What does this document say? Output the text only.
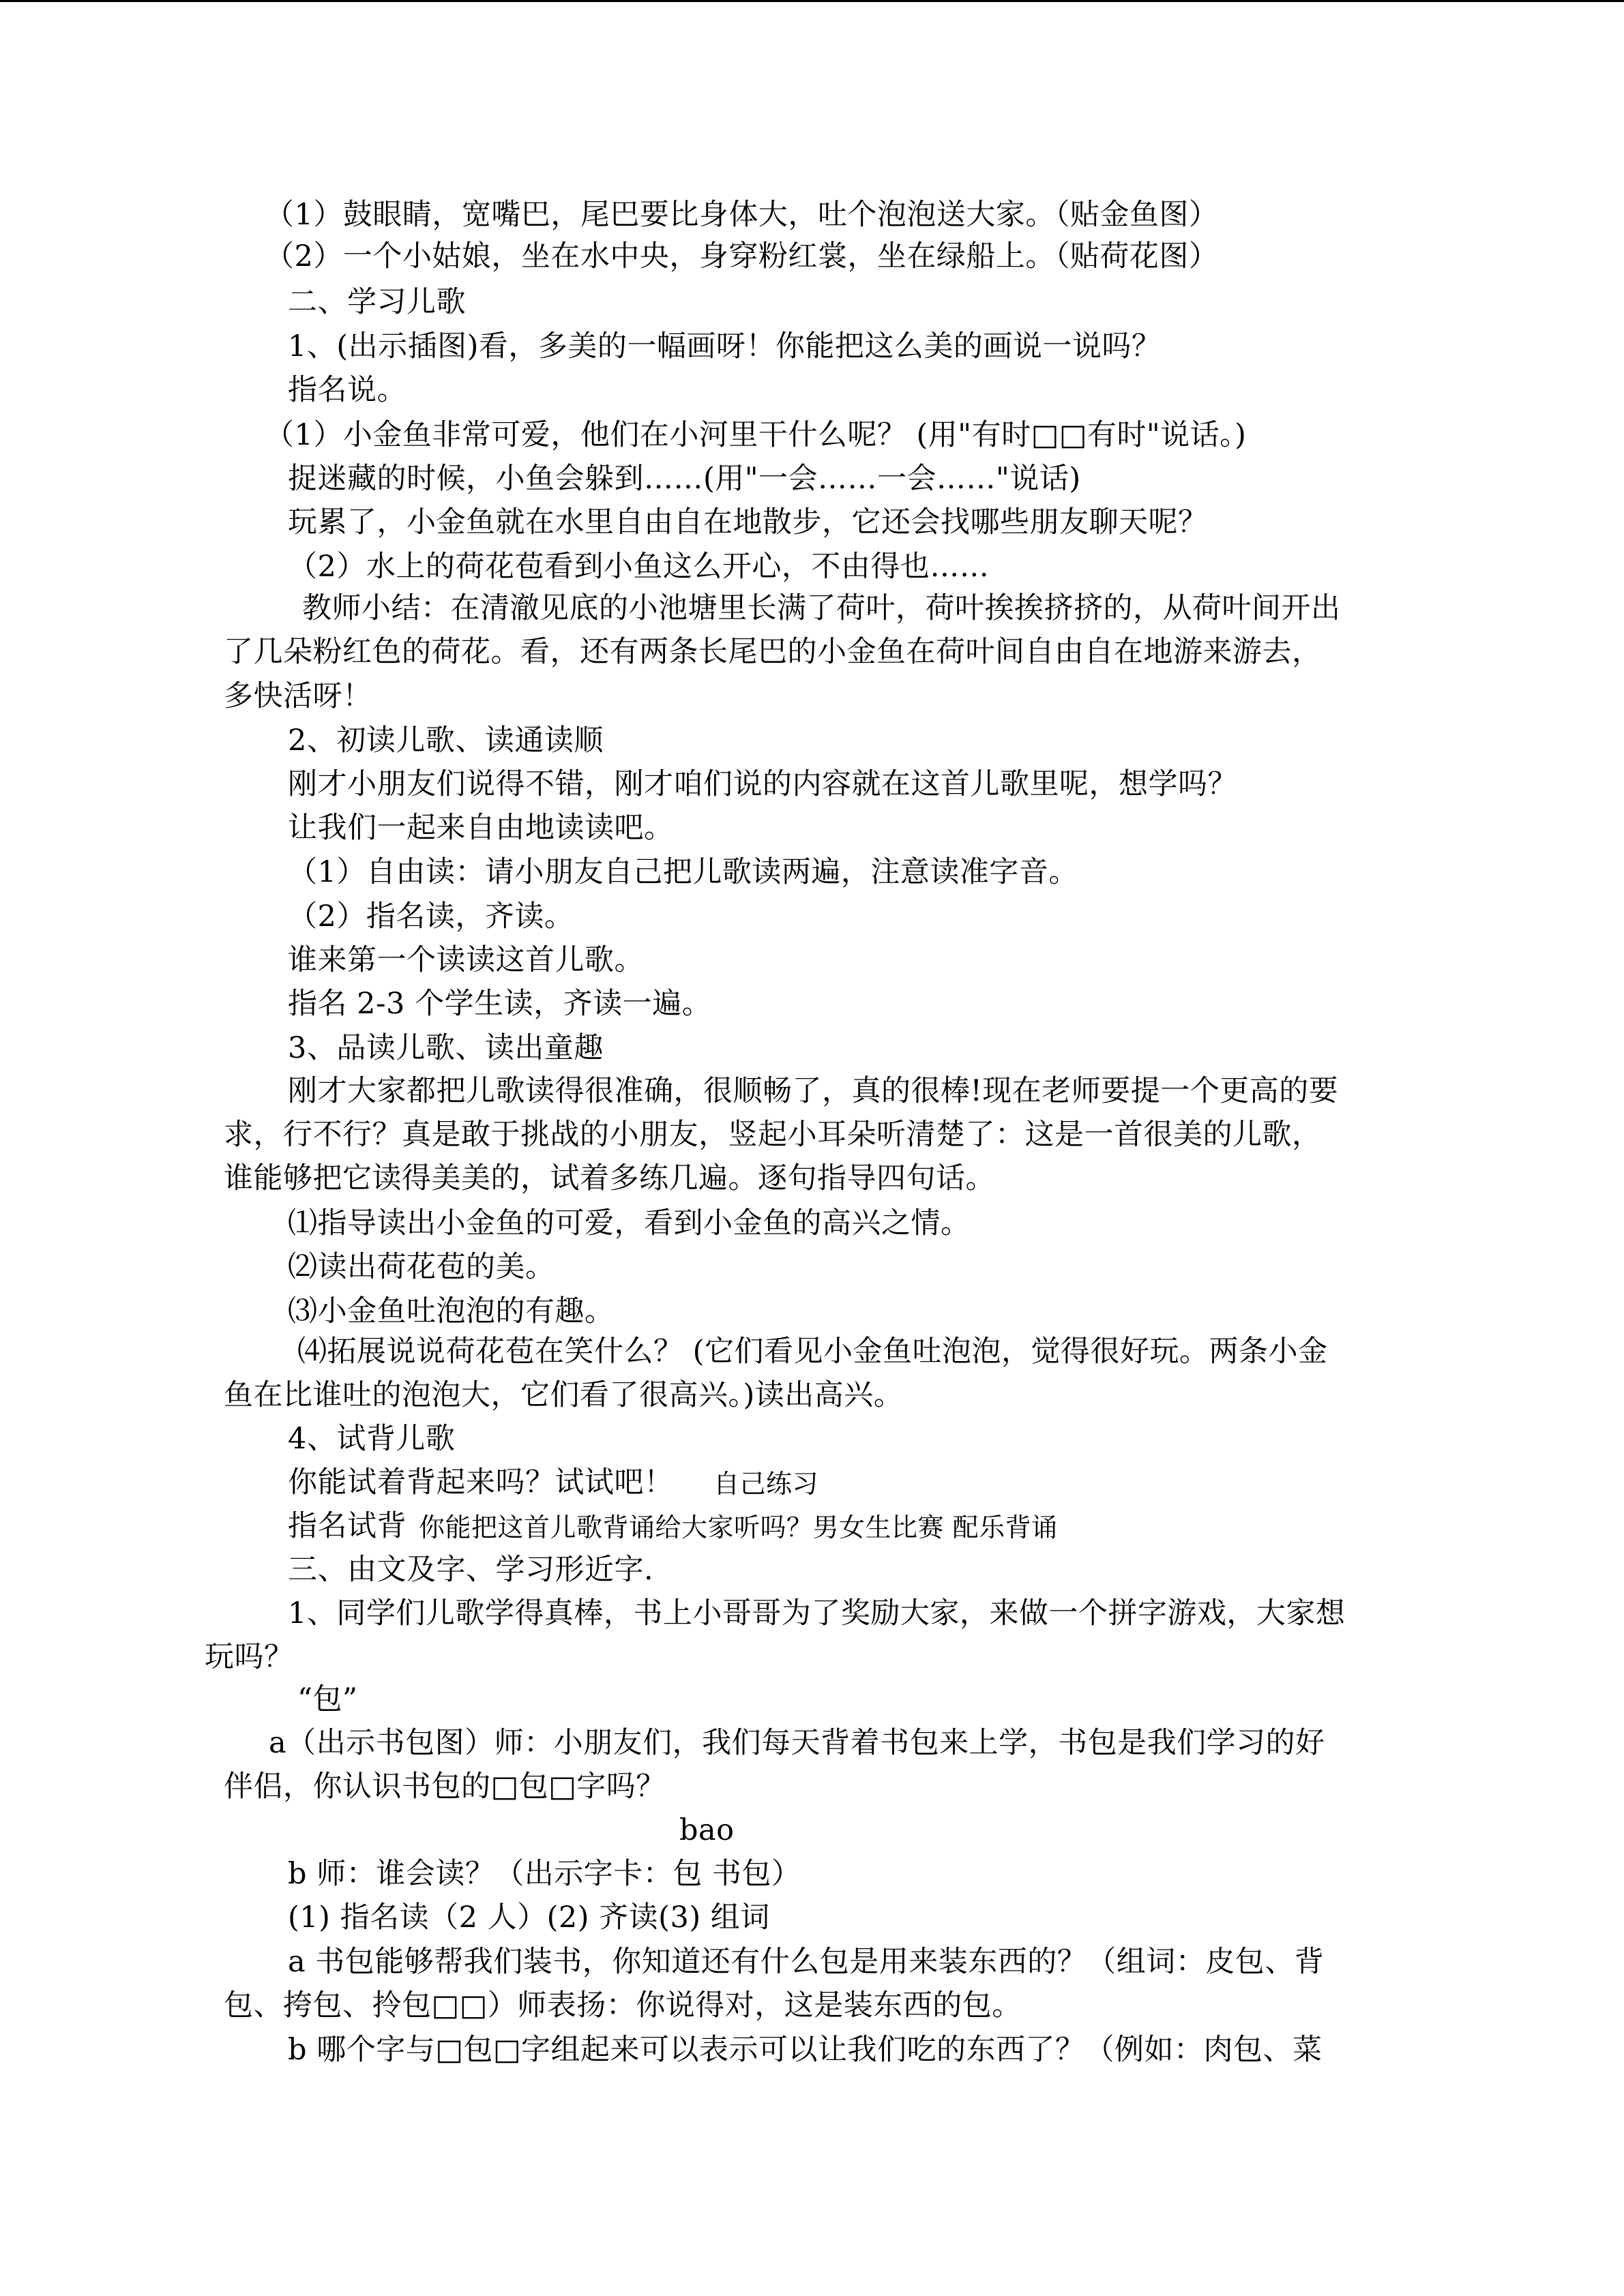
（1）鼓眼睛，宽嘴巴，尾巴要比身体大，吐个泡泡送大家。（贴金鱼图）
（2）一个小姑娘，坐在水中央，身穿粉红裳，坐在绿船上。（贴荷花图）
二、学习儿歌
1、(出示插图)看，多美的一幅画呀！你能把这么美的画说一说吗？
指名说。
（1）小金鱼非常可爱，他们在小河里干什么呢？ (用"有时□□有时"说话。)
捉迷藏的时候，小鱼会躲到……(用"一会……一会……"说话)
玩累了，小金鱼就在水里自由自在地散步，它还会找哪些朋友聊天呢？
（2）水上的荷花苞看到小鱼这么开心，不由得也……
教师小结：在清澈见底的小池塘里长满了荷叶，荷叶挨挨挤挤的，从荷叶间开出
了几朵粉红色的荷花。看，还有两条长尾巴的小金鱼在荷叶间自由自在地游来游去，
多快活呀！
2、初读儿歌、读通读顺
刚才小朋友们说得不错，刚才咱们说的内容就在这首儿歌里呢，想学吗？
让我们一起来自由地读读吧。
（1）自由读：请小朋友自己把儿歌读两遍，注意读准字音。
（2）指名读，齐读。
谁来第一个读读这首儿歌。
指名 2-3 个学生读，齐读一遍。
3、品读儿歌、读出童趣
刚才大家都把儿歌读得很准确，很顺畅了，真的很棒!现在老师要提一个更高的要
求，行不行？真是敢于挑战的小朋友，竖起小耳朵听清楚了：这是一首很美的儿歌，
谁能够把它读得美美的，试着多练几遍。逐句指导四句话。
⑴指导读出小金鱼的可爱，看到小金鱼的高兴之情。
⑵读出荷花苞的美。
⑶小金鱼吐泡泡的有趣。
⑷拓展说说荷花苞在笑什么？ (它们看见小金鱼吐泡泡，觉得很好玩。两条小金
鱼在比谁吐的泡泡大，它们看了很高兴。)读出高兴。
4、试背儿歌
你能试着背起来吗？试试吧！ 自己练习
指名试背 你能把这首儿歌背诵给大家听吗？男女生比赛 配乐背诵
三、由文及字、学习形近字.
1、同学们儿歌学得真棒，书上小哥哥为了奖励大家，来做一个拼字游戏，大家想
玩吗？
“包”
a（出示书包图）师：小朋友们，我们每天背着书包来上学，书包是我们学习的好
伴侣，你认识书包的□包□字吗？
bao
b 师：谁会读？（出示字卡：包 书包）
(1) 指名读（2 人）(2) 齐读(3) 组词
a 书包能够帮我们装书，你知道还有什么包是用来装东西的？（组词：皮包、背
包、挎包、拎包□□）师表扬：你说得对，这是装东西的包。
b 哪个字与□包□字组起来可以表示可以让我们吃的东西了？（例如：肉包、菜
